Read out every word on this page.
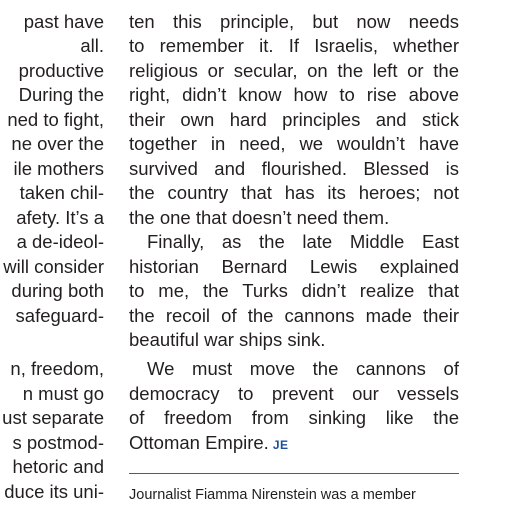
past have
all.
productive
During the
ned to fight,
ne over the
ile mothers
taken chil-
afety. It’s a
a de-ideol-
will consider
during both
safeguard-
n, freedom,
n must go
ust separate
s postmod-
hetoric and
duce its uni-
ten this principle, but now needs
to remember it. If Israelis, whether
religious or secular, on the left or the
right, didn’t know how to rise above
their own hard principles and stick
together in need, we wouldn’t have
survived and flourished. Blessed is
the country that has its heroes; not
the one that doesn’t need them.
Finally, as the late Middle East
historian Bernard Lewis explained
to me, the Turks didn’t realize that
the recoil of the cannons made their
beautiful war ships sink.
We must move the cannons of
democracy to prevent our vessels
of freedom from sinking like the
Ottoman Empire. JE
Journalist Fiamma Nirenstein was a member
